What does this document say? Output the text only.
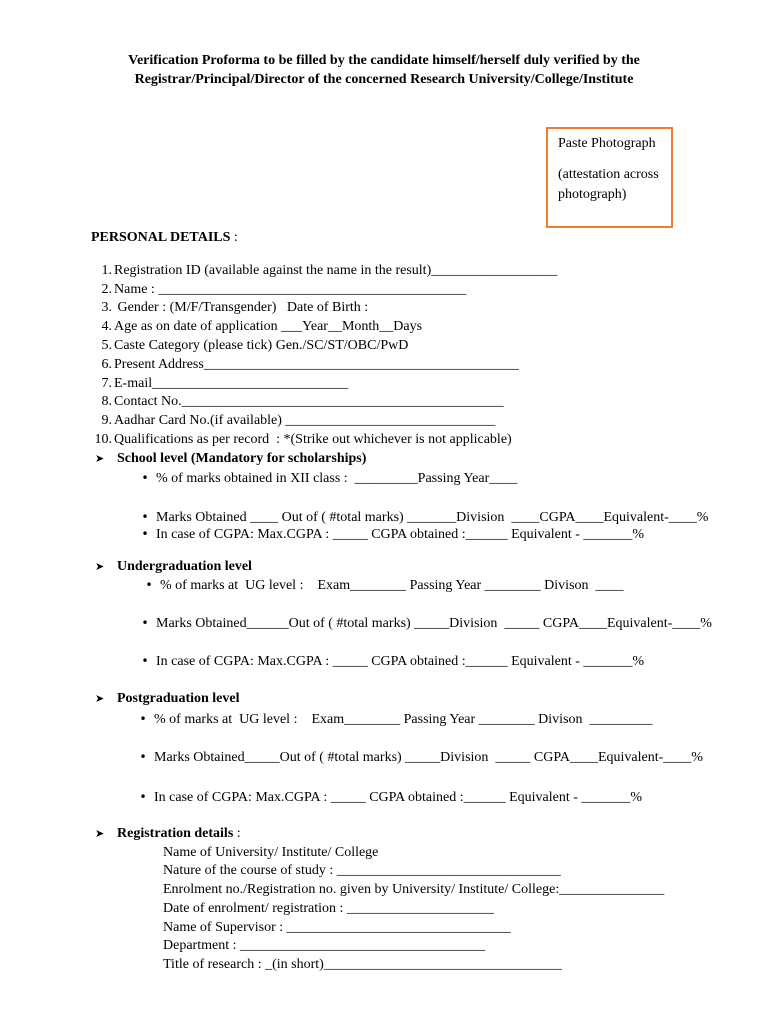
Verification Proforma to be filled by the candidate himself/herself duly verified by the
Registrar/Principal/Director of the concerned Research University/College/Institute
Paste Photograph
(attestation across photograph)
PERSONAL DETAILS :
1. Registration ID (available against the name in the result)__________________
2. Name : ____________________________________________
3. Gender : (M/F/Transgender)   Date of Birth :
4. Age as on date of application ___Year__Month__Days
5. Caste Category (please tick) Gen./SC/ST/OBC/PwD
6. Present Address_____________________________________________
7. E-mail____________________________
8. Contact No.______________________________________________
9. Aadhar Card No.(if available) ______________________________
10. Qualifications as per record  : *(Strike out whichever is not applicable)
➤ School level (Mandatory for scholarships)
• % of marks obtained in XII class :  _________Passing Year____
• Marks Obtained ____ Out of ( #total marks) _______Division  ____CGPA____Equivalent-____%
• In case of CGPA: Max.CGPA : _____ CGPA obtained :______ Equivalent - _______%
➤ Undergraduation level
• % of marks at  UG level :    Exam________ Passing Year ________ Divison  ____
• Marks Obtained______Out of ( #total marks) _____Division  _____ CGPA____Equivalent-____%
• In case of CGPA: Max.CGPA : _____ CGPA obtained :______ Equivalent - _______%
➤ Postgraduation level
• % of marks at  UG level :    Exam________ Passing Year ________ Divison  _________
• Marks Obtained_____Out of ( #total marks) _____Division  _____ CGPA____Equivalent-____%
• In case of CGPA: Max.CGPA : _____ CGPA obtained :______ Equivalent - _______%
➤ Registration details :
Name of University/ Institute/ College
Nature of the course of study : ________________________________
Enrolment no./Registration no. given by University/ Institute/ College:_______________
Date of enrolment/ registration : _____________________
Name of Supervisor : ________________________________
Department : ___________________________________
Title of research : _(in short)__________________________________
